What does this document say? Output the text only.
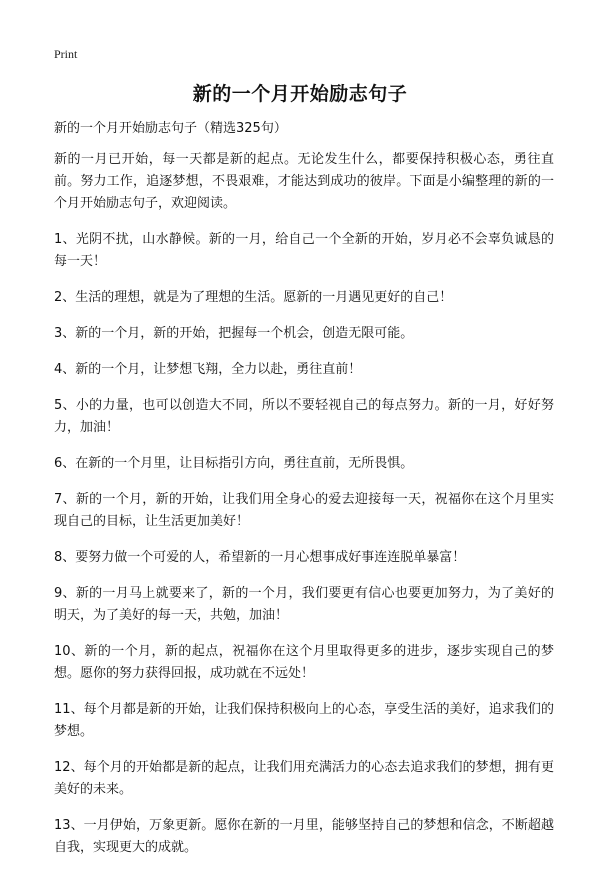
Print
新的一个月开始励志句子

新的一个月开始励志句子（精选325句）

新的一月已开始，每一天都是新的起点。无论发生什么，都要保持积极心态，勇往直前。努力工作，追逐梦想，不畏艰难，才能达到成功的彼岸。下面是小编整理的新的一个月开始励志句子，欢迎阅读。

1、光阴不扰，山水静候。新的一月，给自己一个全新的开始，岁月必不会辜负诚恳的每一天！

2、生活的理想，就是为了理想的生活。愿新的一月遇见更好的自己！

3、新的一个月，新的开始，把握每一个机会，创造无限可能。

4、新的一个月，让梦想飞翔，全力以赴，勇往直前！

5、小的力量，也可以创造大不同，所以不要轻视自己的每点努力。新的一月，好好努力，加油！

6、在新的一个月里，让目标指引方向，勇往直前，无所畏惧。

7、新的一个月，新的开始，让我们用全身心的爱去迎接每一天，祝福你在这个月里实现自己的目标，让生活更加美好！

8、要努力做一个可爱的人，希望新的一月心想事成好事连连脱单暴富！

9、新的一月马上就要来了，新的一个月，我们要更有信心也要更加努力，为了美好的明天，为了美好的每一天，共勉，加油！

10、新的一个月，新的起点，祝福你在这个月里取得更多的进步，逐步实现自己的梦想。愿你的努力获得回报，成功就在不远处！

11、每个月都是新的开始，让我们保持积极向上的心态，享受生活的美好，追求我们的梦想。

12、每个月的开始都是新的起点，让我们用充满活力的心态去追求我们的梦想，拥有更美好的未来。

13、一月伊始，万象更新。愿你在新的一月里，能够坚持自己的梦想和信念，不断超越自我，实现更大的成就。
